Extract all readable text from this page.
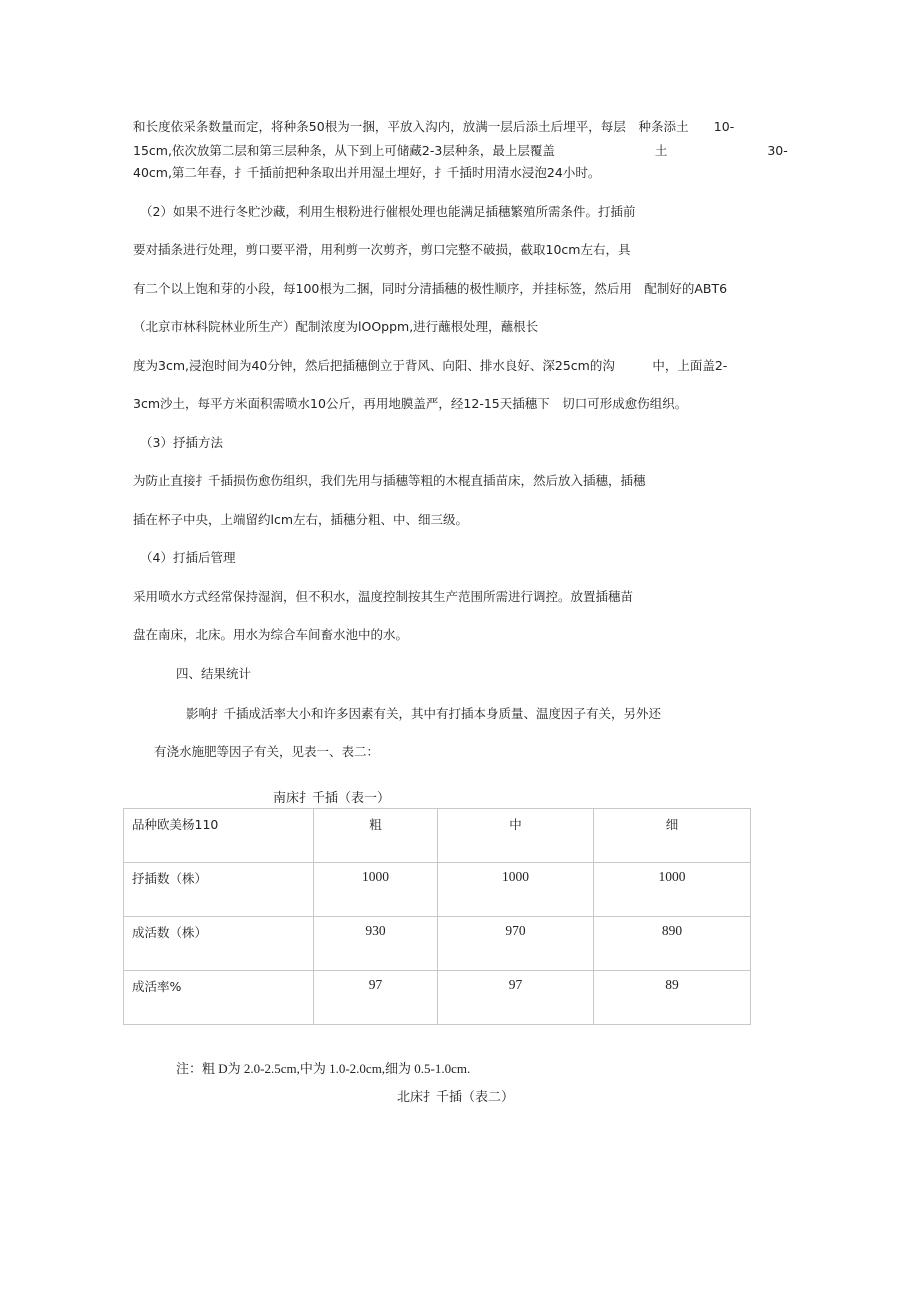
和长度依采条数量而定，将种条50根为一捆，平放入沟内，放满一层后添土后埋平，每层　种条添土　　10-
15cm,依次放第二层和第三层种条，从下到上可储藏2-3层种条，最上层覆盖　　　　　　　　土　　　　　　　　30-
40cm,第二年春，扌千插前把种条取出并用湿土埋好，扌千插时用清水浸泡24小时。
（2）如果不进行冬贮沙藏，利用生根粉进行催根处理也能满足插穗繁殖所需条件。打插前
要对插条进行处理，剪口要平滑，用利剪一次剪齐，剪口完整不破损，截取10cm左右，具
有二个以上饱和芽的小段，每100根为二捆，同时分清插穗的极性顺序，并挂标签，然后用　配制好的ABT6
（北京市林科院林业所生产）配制浓度为lOOppm,进行蘸根处理，蘸根长
度为3cm,浸泡时间为40分钟，然后把插穗倒立于背风、向阳、排水良好、深25cm的沟　　　中，上面盖2-
3cm沙土，每平方米面积需喷水10公斤，再用地膜盖严，经12-15天插穗下　切口可形成愈伤组织。
（3）抒插方法
为防止直接扌千插损伤愈伤组织，我们先用与插穗等粗的木棍直插苗床，然后放入插穗，插穗
插在杯子中央，上端留约lcm左右，插穗分粗、中、细三级。
（4）打插后管理
采用喷水方式经常保持湿润，但不积水，温度控制按其生产范围所需进行调控。放置插穗苗
盘在南床，北床。用水为综合车间畜水池中的水。
四、结果统计
影响扌千插成活率大小和许多因素有关，其中有打插本身质量、温度因子有关，另外还
有浇水施肥等因子有关，见表一、表二：
南床扌千插（表一）
品种欧美杨110	粗	中	细
抒插数（株）	1000	1000	1000
成活数（株）	930	970	890
成活率%	97	97	89
注：粗 D为 2.0-2.5cm,中为 1.0-2.0cm,细为 0.5-1.0cm.
北床扌千插（表二）
